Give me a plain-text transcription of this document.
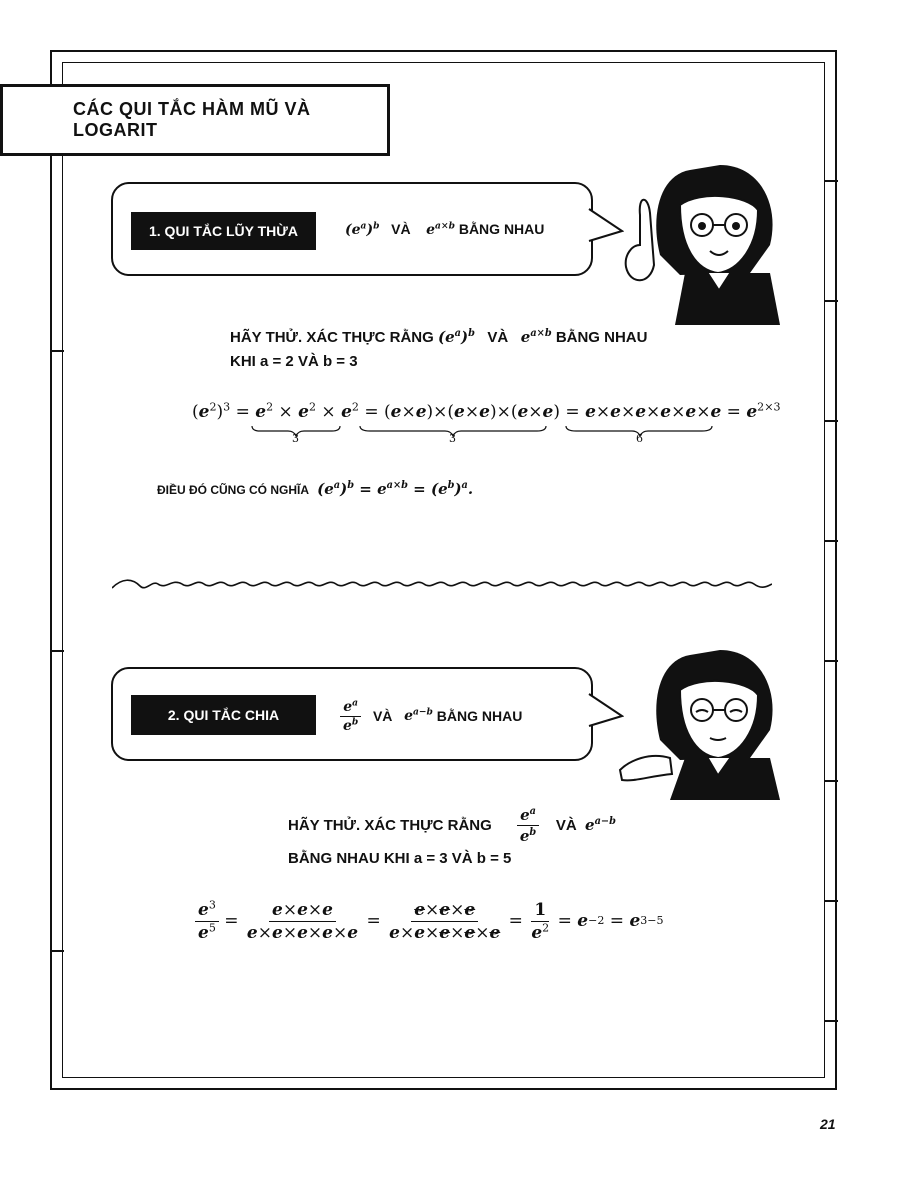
CÁC QUI TẮC HÀM MŨ VÀ LOGARIT
1. QUI TẮC LŨY THỪA	$(e^a)^b$ VÀ $e^{a\times b}$ BẰNG NHAU
HÃY THỬ. XÁC THỰC RẰNG $(e^a)^b$ VÀ $e^{a\times b}$ BẰNG NHAU
KHI a = 2 VÀ b = 3
$(e^2)^3 = e^2 \times e^2 \times e^2 = (e\times e)\times(e\times e)\times(e\times e) = e\times e\times e\times e\times e\times e = e^{2\times 3}$
3	3	6
ĐIỀU ĐÓ CŨNG CÓ NGHĨA  $(e^a)^b = e^{a\times b} = (e^b)^a$.
2. QUI TẮC CHIA	$\frac{e^a}{e^b}$
VÀ
$e^{a-b}$
BẰNG NHAU
HÃY THỬ. XÁC THỰC RẰNG
$\frac{e^a}{e^b}$
VÀ
$e^{a-b}$
BẰNG NHAU KHI a = 3 VÀ b = 5
$\frac{e^3}{e^5} = \frac{e\times e\times e}{e\times e\times e\times e\times e} = \frac{e\times e\times e}{e\times e\times e\times e\times e} = \frac{1}{e^2} = e -2 = e$ 3−5
21
